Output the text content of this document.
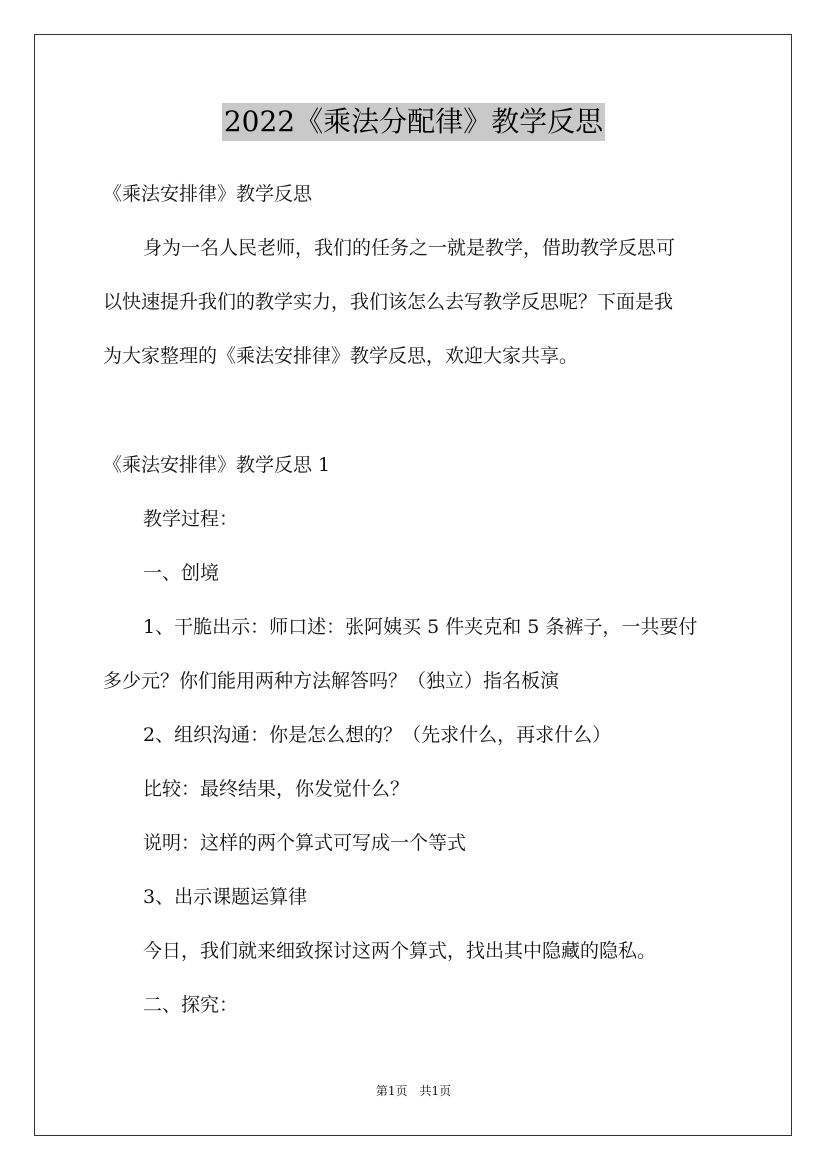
2022《乘法分配律》教学反思
《乘法安排律》教学反思
身为一名人民老师，我们的任务之一就是教学，借助教学反思可
以快速提升我们的教学实力，我们该怎么去写教学反思呢？下面是我
为大家整理的《乘法安排律》教学反思，欢迎大家共享。
《乘法安排律》教学反思 1
教学过程：
一、创境
1、干脆出示：师口述：张阿姨买 5 件夹克和 5 条裤子，一共要付
多少元？你们能用两种方法解答吗？（独立）指名板演
2、组织沟通：你是怎么想的？（先求什么，再求什么）
比较：最终结果，你发觉什么？
说明：这样的两个算式可写成一个等式
3、出示课题运算律
今日，我们就来细致探讨这两个算式，找出其中隐藏的隐私。
二、探究：
第1页　共1页
